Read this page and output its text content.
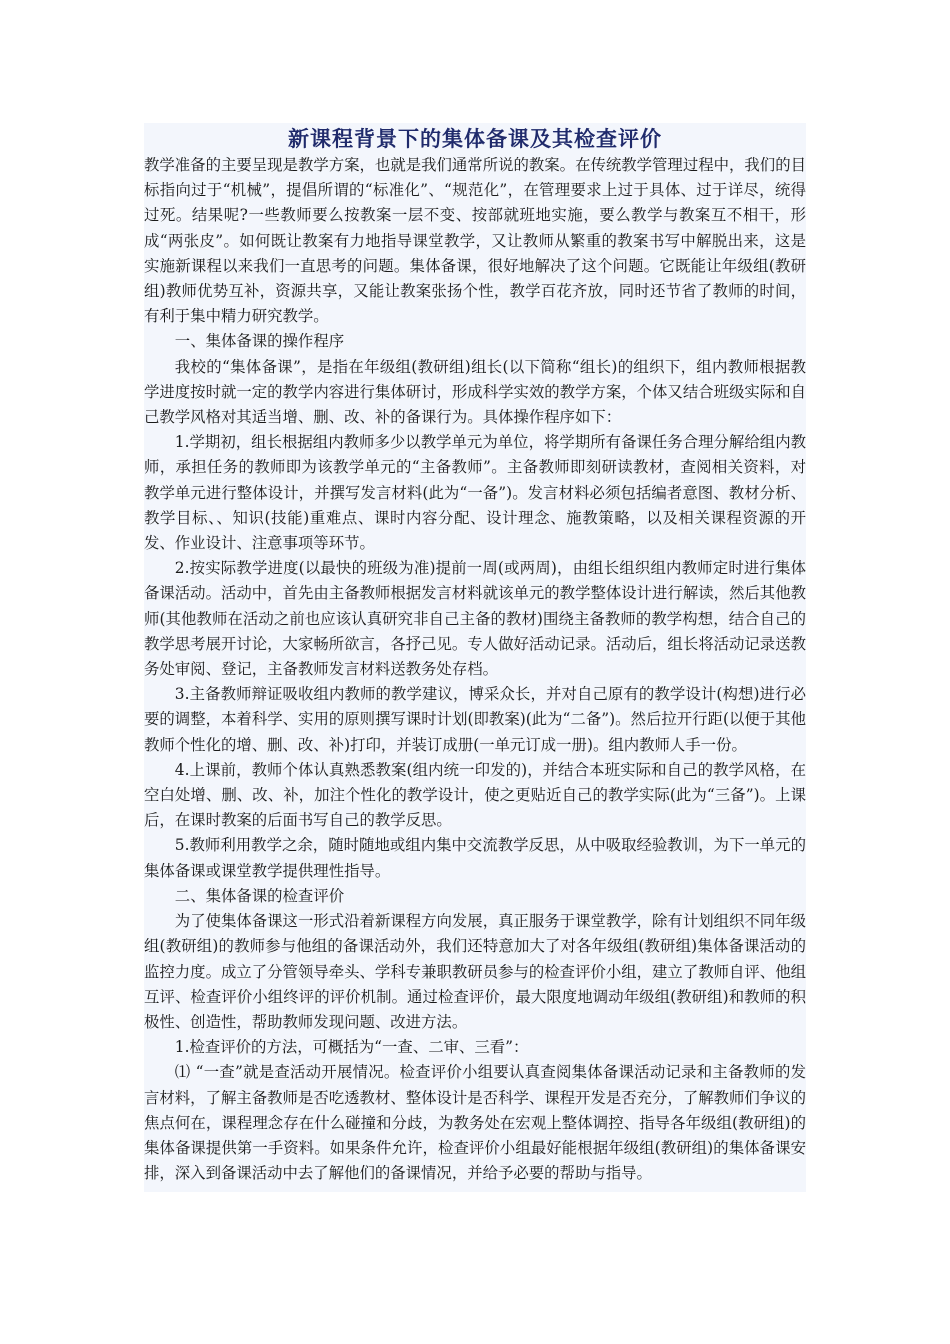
新课程背景下的集体备课及其检查评价

教学准备的主要呈现是教学方案，也就是我们通常所说的教案。在传统教学管理过程中，我们的目标指向过于“机械”，提倡所谓的“标准化”、“规范化”，在管理要求上过于具体、过于详尽，统得过死。结果呢?一些教师要么按教案一层不变、按部就班地实施，要么教学与教案互不相干，形成“两张皮”。如何既让教案有力地指导课堂教学，又让教师从繁重的教案书写中解脱出来，这是实施新课程以来我们一直思考的问题。集体备课，很好地解决了这个问题。它既能让年级组(教研组)教师优势互补，资源共享，又能让教案张扬个性，教学百花齐放，同时还节省了教师的时间，有利于集中精力研究教学。

一、集体备课的操作程序

我校的“集体备课”，是指在年级组(教研组)组长(以下简称“组长)的组织下，组内教师根据教学进度按时就一定的教学内容进行集体研讨，形成科学实效的教学方案，个体又结合班级实际和自己教学风格对其适当增、删、改、补的备课行为。具体操作程序如下：

1.学期初，组长根据组内教师多少以教学单元为单位，将学期所有备课任务合理分解给组内教师，承担任务的教师即为该教学单元的“主备教师”。主备教师即刻研读教材，查阅相关资料，对教学单元进行整体设计，并撰写发言材料(此为“一备”)。发言材料必须包括编者意图、教材分析、教学目标、、知识(技能)重难点、课时内容分配、设计理念、施教策略，以及相关课程资源的开发、作业设计、注意事项等环节。

2.按实际教学进度(以最快的班级为准)提前一周(或两周)，由组长组织组内教师定时进行集体备课活动。活动中，首先由主备教师根据发言材料就该单元的教学整体设计进行解读，然后其他教师(其他教师在活动之前也应该认真研究非自己主备的教材)围绕主备教师的教学构想，结合自己的教学思考展开讨论，大家畅所欲言，各抒己见。专人做好活动记录。活动后，组长将活动记录送教务处审阅、登记，主备教师发言材料送教务处存档。

3.主备教师辩证吸收组内教师的教学建议，博采众长，并对自己原有的教学设计(构想)进行必要的调整，本着科学、实用的原则撰写课时计划(即教案)(此为“二备”)。然后拉开行距(以便于其他教师个性化的增、删、改、补)打印，并装订成册(一单元订成一册)。组内教师人手一份。

4.上课前，教师个体认真熟悉教案(组内统一印发的)，并结合本班实际和自己的教学风格，在空白处增、删、改、补，加注个性化的教学设计，使之更贴近自己的教学实际(此为“三备”)。上课后，在课时教案的后面书写自己的教学反思。

5.教师利用教学之余，随时随地或组内集中交流教学反思，从中吸取经验教训，为下一单元的集体备课或课堂教学提供理性指导。

二、集体备课的检查评价

为了使集体备课这一形式沿着新课程方向发展，真正服务于课堂教学，除有计划组织不同年级组(教研组)的教师参与他组的备课活动外，我们还特意加大了对各年级组(教研组)集体备课活动的监控力度。成立了分管领导牵头、学科专兼职教研员参与的检查评价小组，建立了教师自评、他组互评、检查评价小组终评的评价机制。通过检查评价，最大限度地调动年级组(教研组)和教师的积极性、创造性，帮助教师发现问题、改进方法。

1.检查评价的方法，可概括为“一查、二审、三看”：

⑴ “一查”就是查活动开展情况。检查评价小组要认真查阅集体备课活动记录和主备教师的发言材料，了解主备教师是否吃透教材、整体设计是否科学、课程开发是否充分，了解教师们争议的焦点何在，课程理念存在什么碰撞和分歧，为教务处在宏观上整体调控、指导各年级组(教研组)的集体备课提供第一手资料。如果条件允许，检查评价小组最好能根据年级组(教研组)的集体备课安排，深入到备课活动中去了解他们的备课情况，并给予必要的帮助与指导。
